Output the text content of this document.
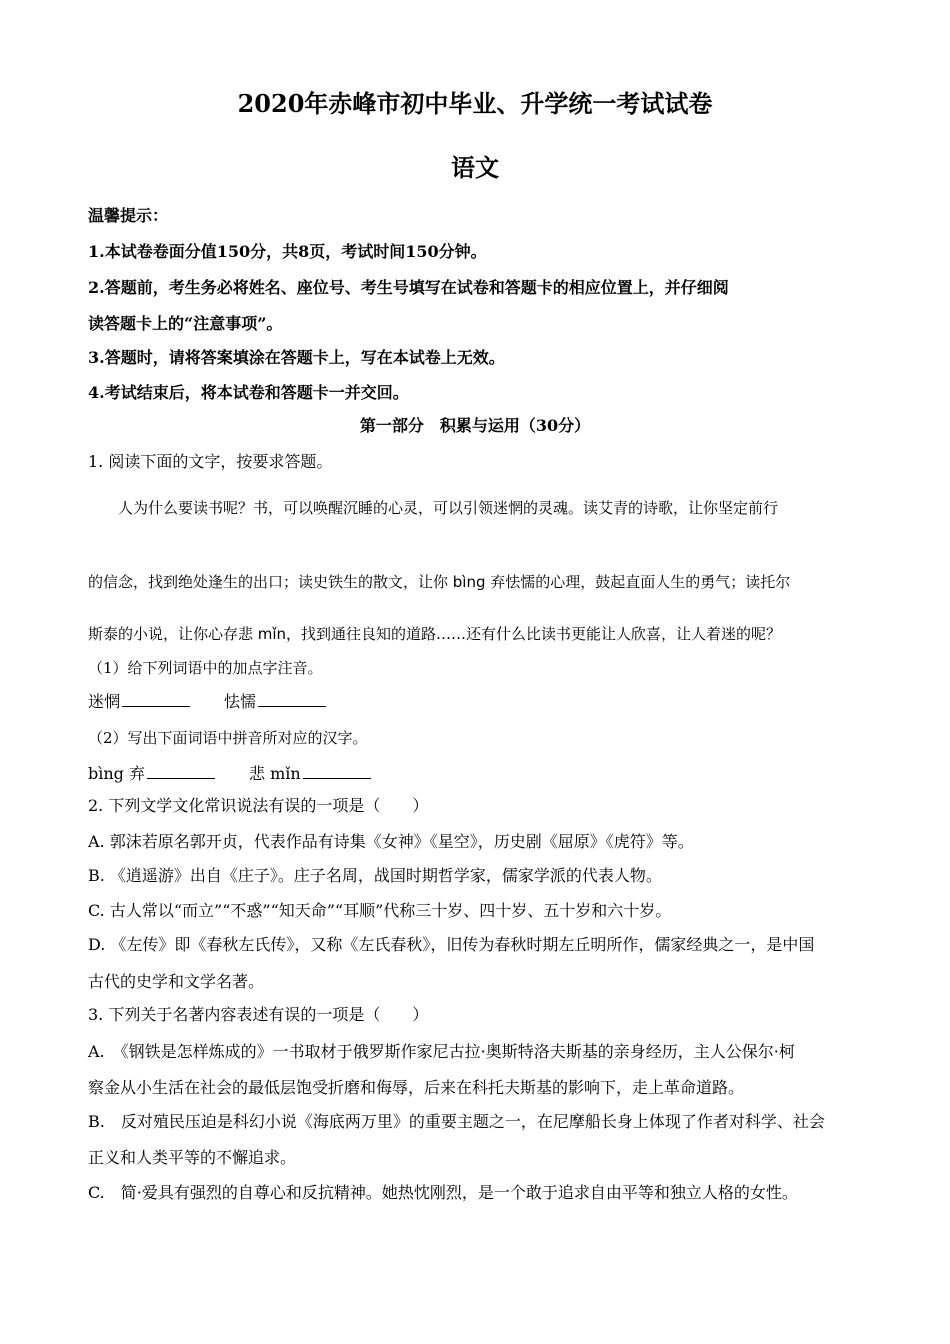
2020年赤峰市初中毕业、升学统一考试试卷
语文
温馨提示：
1.本试卷卷面分值150分，共8页，考试时间150分钟。
2.答题前，考生务必将姓名、座位号、考生号填写在试卷和答题卡的相应位置上，并仔细阅
读答题卡上的“注意事项”。
3.答题时，请将答案填涂在答题卡上，写在本试卷上无效。
4.考试结束后，将本试卷和答题卡一并交回。
第一部分　积累与运用（30分）
1. 阅读下面的文字，按要求答题。
人为什么要读书呢？书，可以唤醒沉睡的心灵，可以引领迷惘的灵魂。读艾青的诗歌，让你坚定前行
的信念，找到绝处逢生的出口；读史铁生的散文，让你 bìng 弃怯懦的心理，鼓起直面人生的勇气；读托尔
斯泰的小说，让你心存悲 mǐn，找到通往良知的道路……还有什么比读书更能让人欣喜，让人着迷的呢？
（1）给下列词语中的加点字注音。
迷惘	怯懦
（2）写出下面词语中拼音所对应的汉字。
bìng 弃	悲 mǐn
2. 下列文学文化常识说法有误的一项是（　　）
A. 郭沫若原名郭开贞，代表作品有诗集《女神》《星空》，历史剧《屈原》《虎符》等。
B. 《逍遥游》出自《庄子》。庄子名周，战国时期哲学家，儒家学派的代表人物。
C. 古人常以“而立”“不惑”“知天命”“耳顺”代称三十岁、四十岁、五十岁和六十岁。
D. 《左传》即《春秋左氏传》，又称《左氏春秋》，旧传为春秋时期左丘明所作，儒家经典之一，是中国
古代的史学和文学名著。
3. 下列关于名著内容表述有误的一项是（　　）
A.　《钢铁是怎样炼成的》一书取材于俄罗斯作家尼古拉·奥斯特洛夫斯基的亲身经历，主人公保尔·柯
察金从小生活在社会的最低层饱受折磨和侮辱，后来在科托夫斯基的影响下，走上革命道路。
B.　反对殖民压迫是科幻小说《海底两万里》的重要主题之一，在尼摩船长身上体现了作者对科学、社会
正义和人类平等的不懈追求。
C.　简·爱具有强烈的自尊心和反抗精神。她热忱刚烈，是一个敢于追求自由平等和独立人格的女性。
